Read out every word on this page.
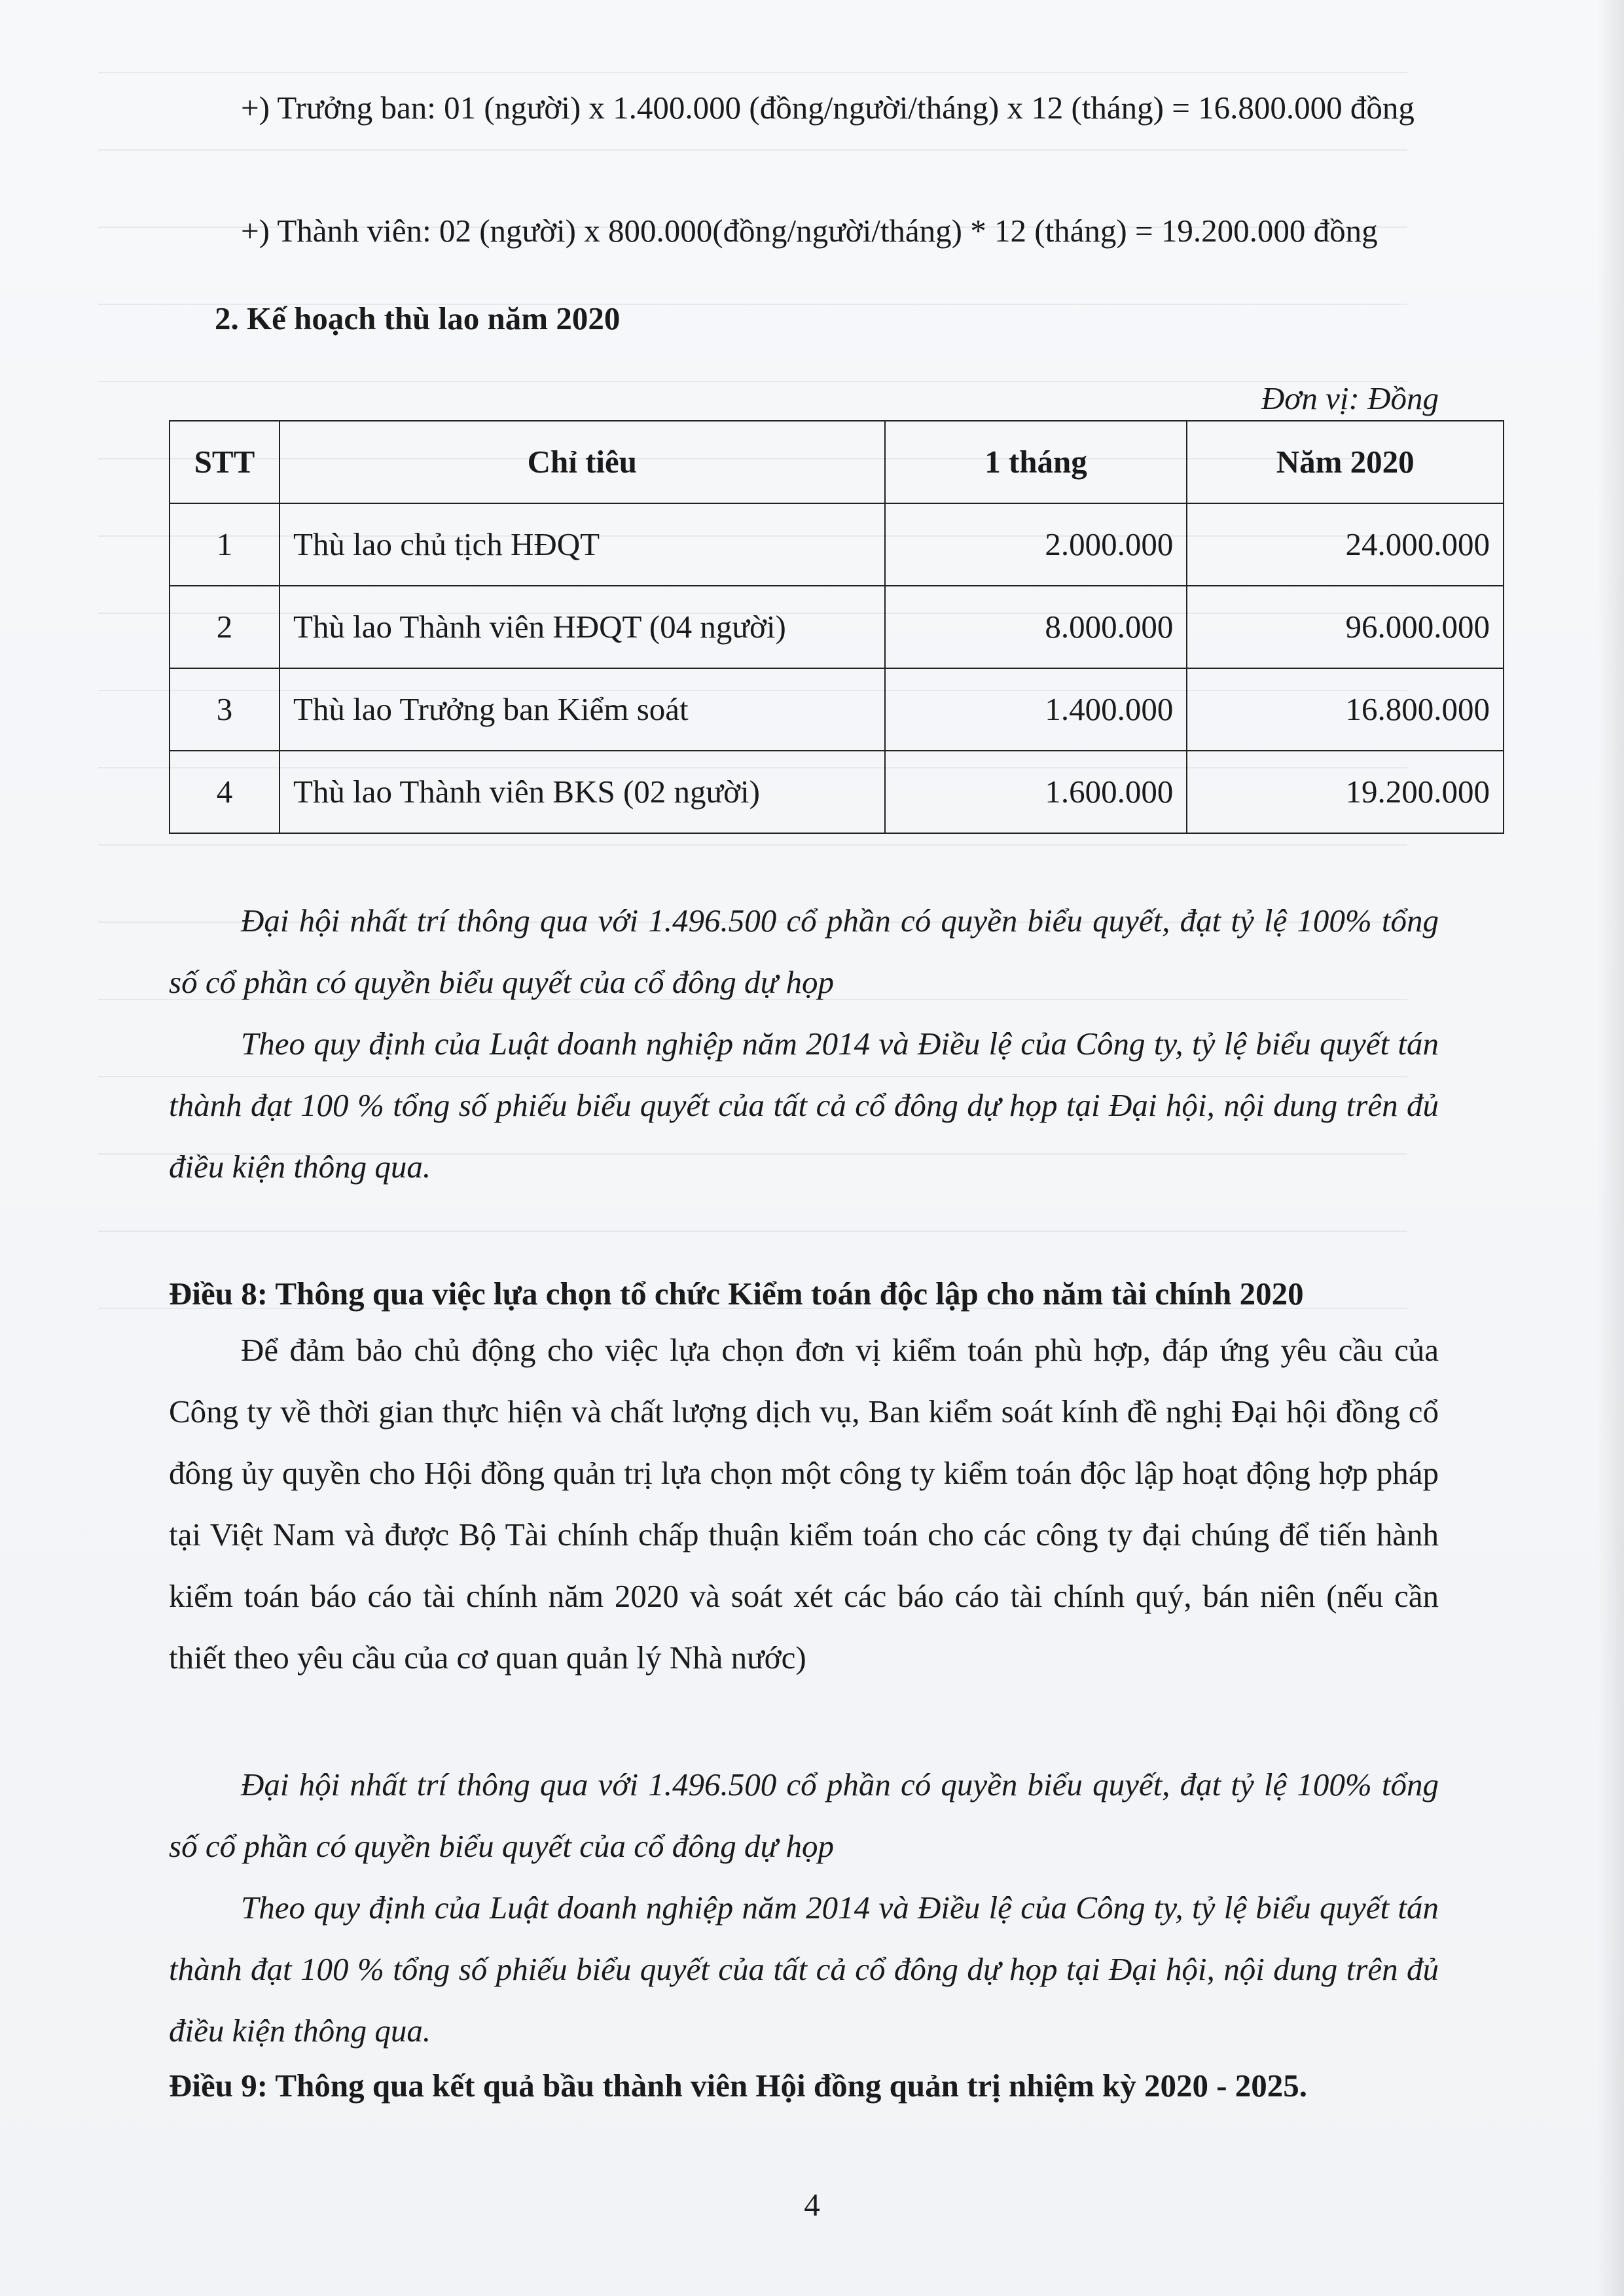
+) Trưởng ban: 01 (người) x 1.400.000 (đồng/người/tháng) x 12 (tháng) = 16.800.000 đồng

+) Thành viên: 02 (người) x 800.000(đồng/người/tháng) * 12 (tháng) = 19.200.000 đồng

2. Kế hoạch thù lao năm 2020

Đơn vị: Đồng
STT	Chỉ tiêu	1 tháng	Năm 2020
1	Thù lao chủ tịch HĐQT	2.000.000	24.000.000
2	Thù lao Thành viên HĐQT (04 người)	8.000.000	96.000.000
3	Thù lao Trưởng ban Kiểm soát	1.400.000	16.800.000
4	Thù lao Thành viên BKS (02 người)	1.600.000	19.200.000

Đại hội nhất trí thông qua với 1.496.500 cổ phần có quyền biểu quyết, đạt tỷ lệ 100% tổng số cổ phần có quyền biểu quyết của cổ đông dự họp

Theo quy định của Luật doanh nghiệp năm 2014 và Điều lệ của Công ty, tỷ lệ biểu quyết tán thành đạt 100 % tổng số phiếu biểu quyết của tất cả cổ đông dự họp tại Đại hội, nội dung trên đủ điều kiện thông qua.

Điều 8: Thông qua việc lựa chọn tổ chức Kiểm toán độc lập cho năm tài chính 2020

Để đảm bảo chủ động cho việc lựa chọn đơn vị kiểm toán phù hợp, đáp ứng yêu cầu của Công ty về thời gian thực hiện và chất lượng dịch vụ, Ban kiểm soát kính đề nghị Đại hội đồng cổ đông ủy quyền cho Hội đồng quản trị lựa chọn một công ty kiểm toán độc lập hoạt động hợp pháp tại Việt Nam và được Bộ Tài chính chấp thuận kiểm toán cho các công ty đại chúng để tiến hành kiểm toán báo cáo tài chính năm 2020 và soát xét các báo cáo tài chính quý, bán niên (nếu cần thiết theo yêu cầu của cơ quan quản lý Nhà nước)

Đại hội nhất trí thông qua với 1.496.500 cổ phần có quyền biểu quyết, đạt tỷ lệ 100% tổng số cổ phần có quyền biểu quyết của cổ đông dự họp

Theo quy định của Luật doanh nghiệp năm 2014 và Điều lệ của Công ty, tỷ lệ biểu quyết tán thành đạt 100 % tổng số phiếu biểu quyết của tất cả cổ đông dự họp tại Đại hội, nội dung trên đủ điều kiện thông qua.

Điều 9: Thông qua kết quả bầu thành viên Hội đồng quản trị nhiệm kỳ 2020 - 2025.

4
